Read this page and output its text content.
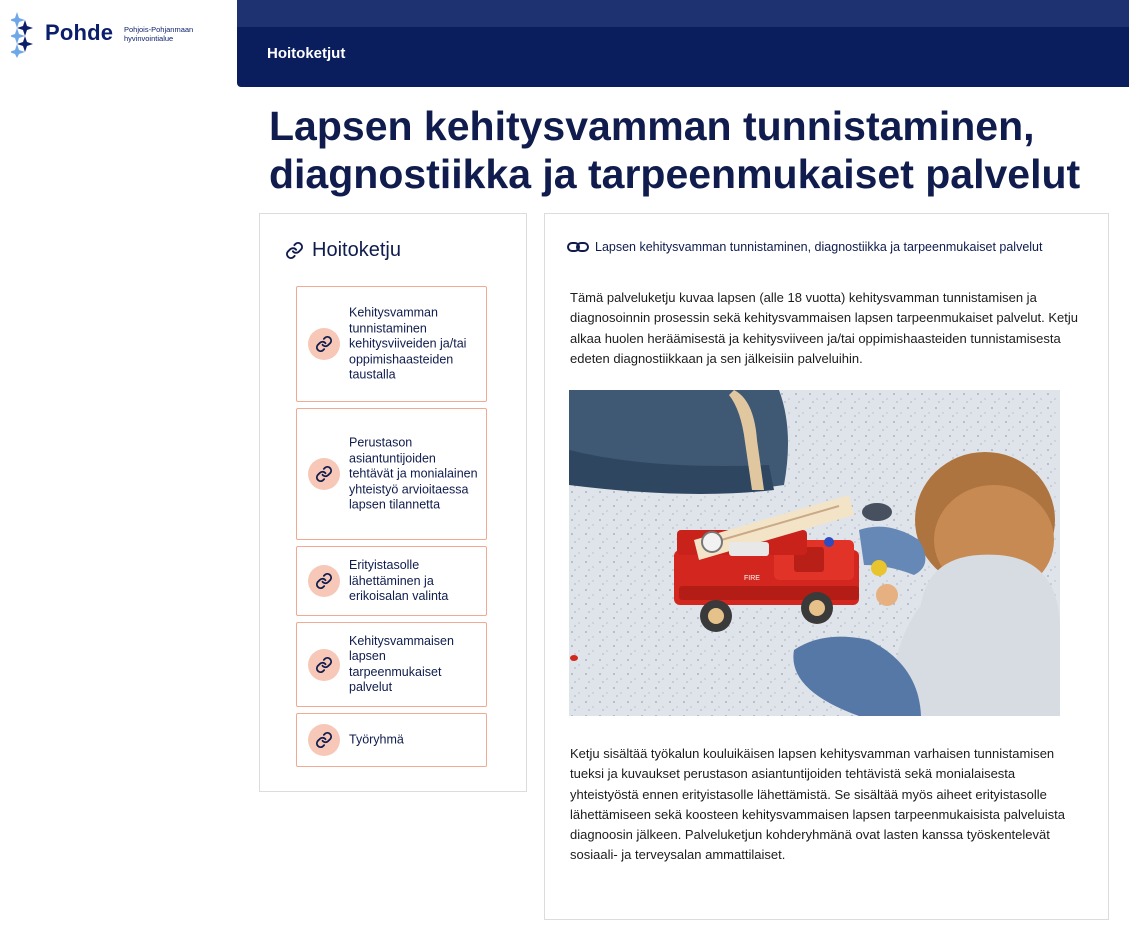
Pohde Pohjois-Pohjanmaan
hyvinvointialue
Hoitoketjut
Lapsen kehitysvamman tunnistaminen,
diagnostiikka ja tarpeenmukaiset palvelut
Hoitoketju
Kehitysvamman tunnistaminen kehitysviiveiden ja/tai oppimishaasteiden taustalla
Perustason asiantuntijoiden tehtävät ja monialainen yhteistyö arvioitaessa lapsen tilannetta
Erityistasolle lähettäminen ja erikoisalan valinta
Kehitysvammaisen lapsen tarpeenmukaiset palvelut
Työryhmä
Lapsen kehitysvamman tunnistaminen, diagnostiikka ja tarpeenmukaiset palvelut

Tämä palveluketju kuvaa lapsen (alle 18 vuotta) kehitysvamman tunnistamisen ja diagnosoinnin prosessin sekä kehitysvammaisen lapsen tarpeenmukaiset palvelut. Ketju alkaa huolen heräämisestä ja kehitysviiveen ja/tai oppimishaasteiden tunnistamisesta edeten diagnostiikkaan ja sen jälkeisiin palveluihin.

FIRE

Ketju sisältää työkalun kouluikäisen lapsen kehitysvamman varhaisen tunnistamisen tueksi ja kuvaukset perustason asiantuntijoiden tehtävistä sekä monialaisesta yhteistyöstä ennen erityistasolle lähettämistä. Se sisältää myös aiheet erityistasolle lähettämiseen sekä koosteen kehitysvammaisen lapsen tarpeenmukaisista palveluista diagnoosin jälkeen. Palveluketjun kohderyhmänä ovat lasten kanssa työskentelevät sosiaali- ja terveysalan ammattilaiset.
